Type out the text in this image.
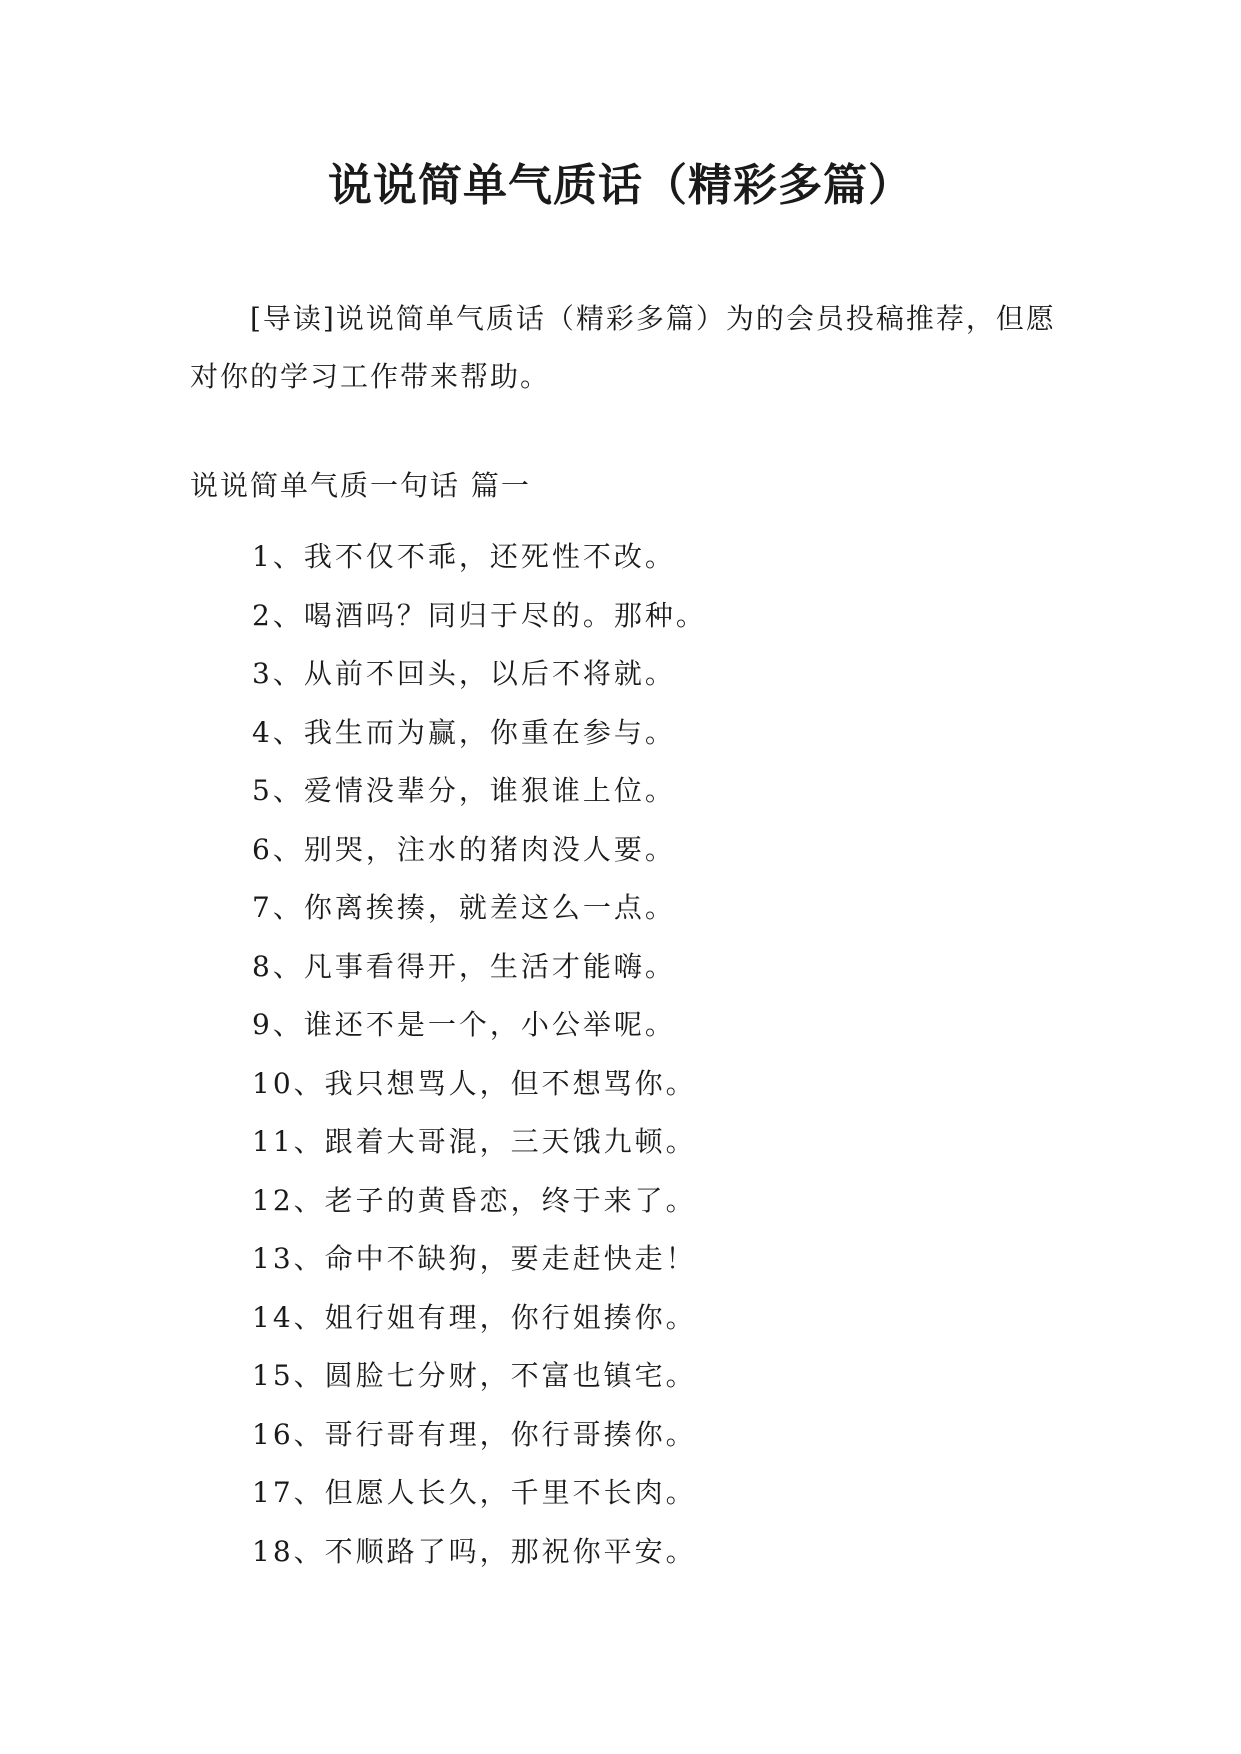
说说简单气质话（精彩多篇）
[导读]说说简单气质话（精彩多篇）为的会员投稿推荐，但愿对你的学习工作带来帮助。
说说简单气质一句话 篇一
1、我不仅不乖，还死性不改。
2、喝酒吗？同归于尽的。那种。
3、从前不回头，以后不将就。
4、我生而为赢，你重在参与。
5、爱情没辈分，谁狠谁上位。
6、别哭，注水的猪肉没人要。
7、你离挨揍，就差这么一点。
8、凡事看得开，生活才能嗨。
9、谁还不是一个，小公举呢。
10、我只想骂人，但不想骂你。
11、跟着大哥混，三天饿九顿。
12、老子的黄昏恋，终于来了。
13、命中不缺狗，要走赶快走！
14、姐行姐有理，你行姐揍你。
15、圆脸七分财，不富也镇宅。
16、哥行哥有理，你行哥揍你。
17、但愿人长久，千里不长肉。
18、不顺路了吗，那祝你平安。
